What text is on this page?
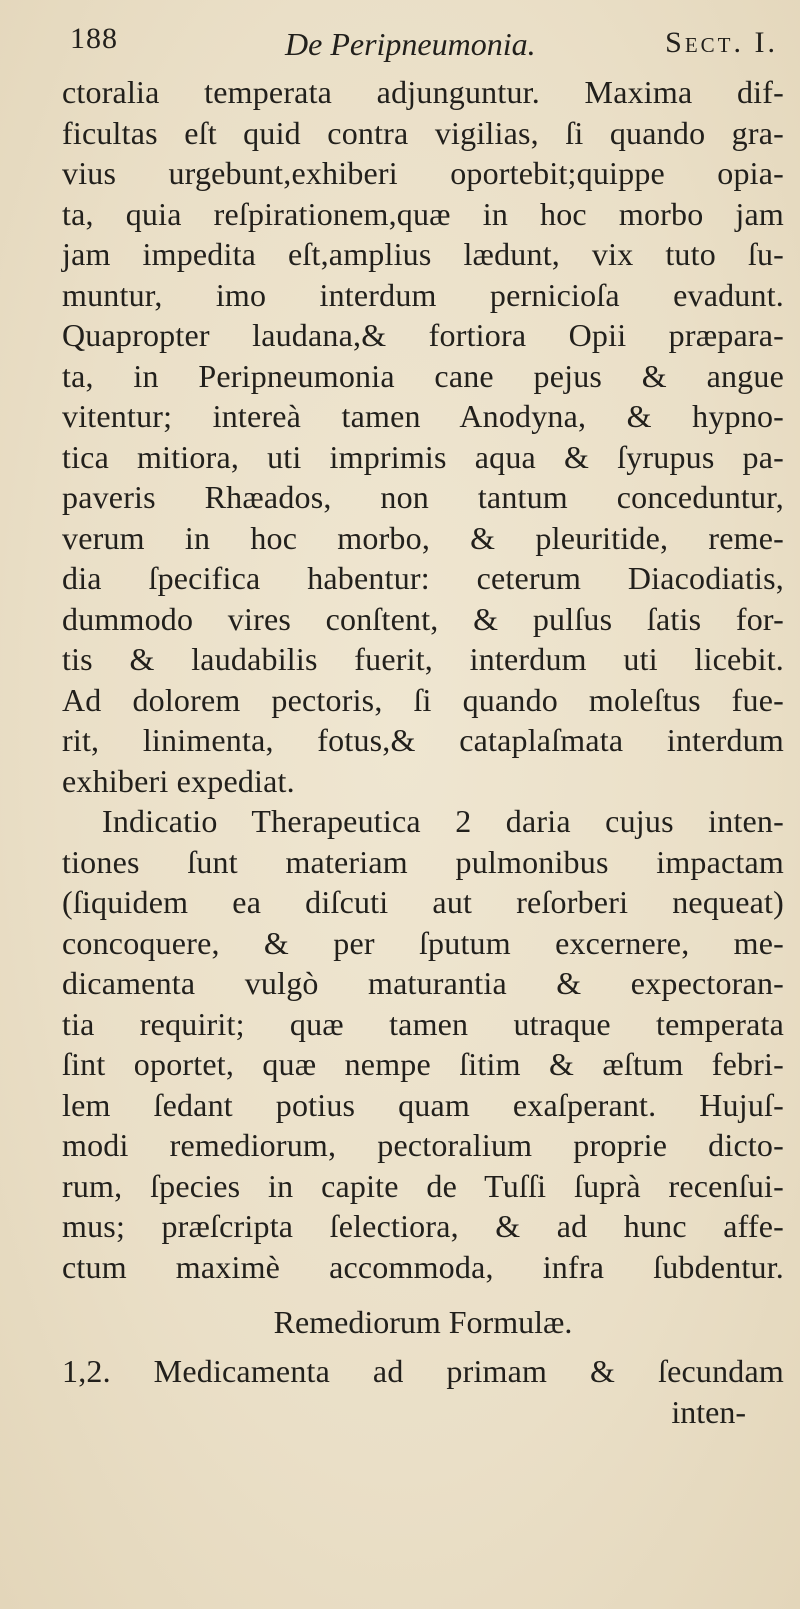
188	De Peripneumonia.	Sect. I.
ctoralia temperata adjunguntur. Maxima dif-
ficultas eſt quid contra vigilias, ſi quando gra-
vius urgebunt,exhiberi oportebit;quippe opia-
ta, quia reſpirationem,quæ in hoc morbo jam
jam impedita eſt,amplius lædunt, vix tuto ſu-
muntur, imo interdum pernicioſa evadunt.
Quapropter laudana,& fortiora Opii præpara-
ta, in Peripneumonia cane pejus & angue
vitentur; intereà tamen Anodyna, & hypno-
tica mitiora, uti imprimis aqua & ſyrupus pa-
paveris Rhæados, non tantum conceduntur,
verum in hoc morbo, & pleuritide, reme-
dia ſpecifica habentur: ceterum Diacodiatis,
dummodo vires conſtent, & pulſus ſatis for-
tis & laudabilis fuerit, interdum uti licebit.
Ad dolorem pectoris, ſi quando moleſtus fue-
rit, linimenta, fotus,& cataplaſmata interdum
exhiberi expediat.
Indicatio Therapeutica 2 daria cujus inten-
tiones ſunt materiam pulmonibus impactam
(ſiquidem ea diſcuti aut reſorberi nequeat)
concoquere, & per ſputum excernere, me-
dicamenta vulgò maturantia & expectoran-
tia requirit; quæ tamen utraque temperata
ſint oportet, quæ nempe ſitim & æſtum febri-
lem ſedant potius quam exaſperant. Hujuſ-
modi remediorum, pectoralium proprie dicto-
rum, ſpecies in capite de Tuſſi ſuprà recenſui-
mus; præſcripta ſelectiora, & ad hunc affe-
ctum maximè accommoda, infra ſubdentur.
Remediorum Formulæ.
1,2. Medicamenta ad primam & ſecundam
inten-
